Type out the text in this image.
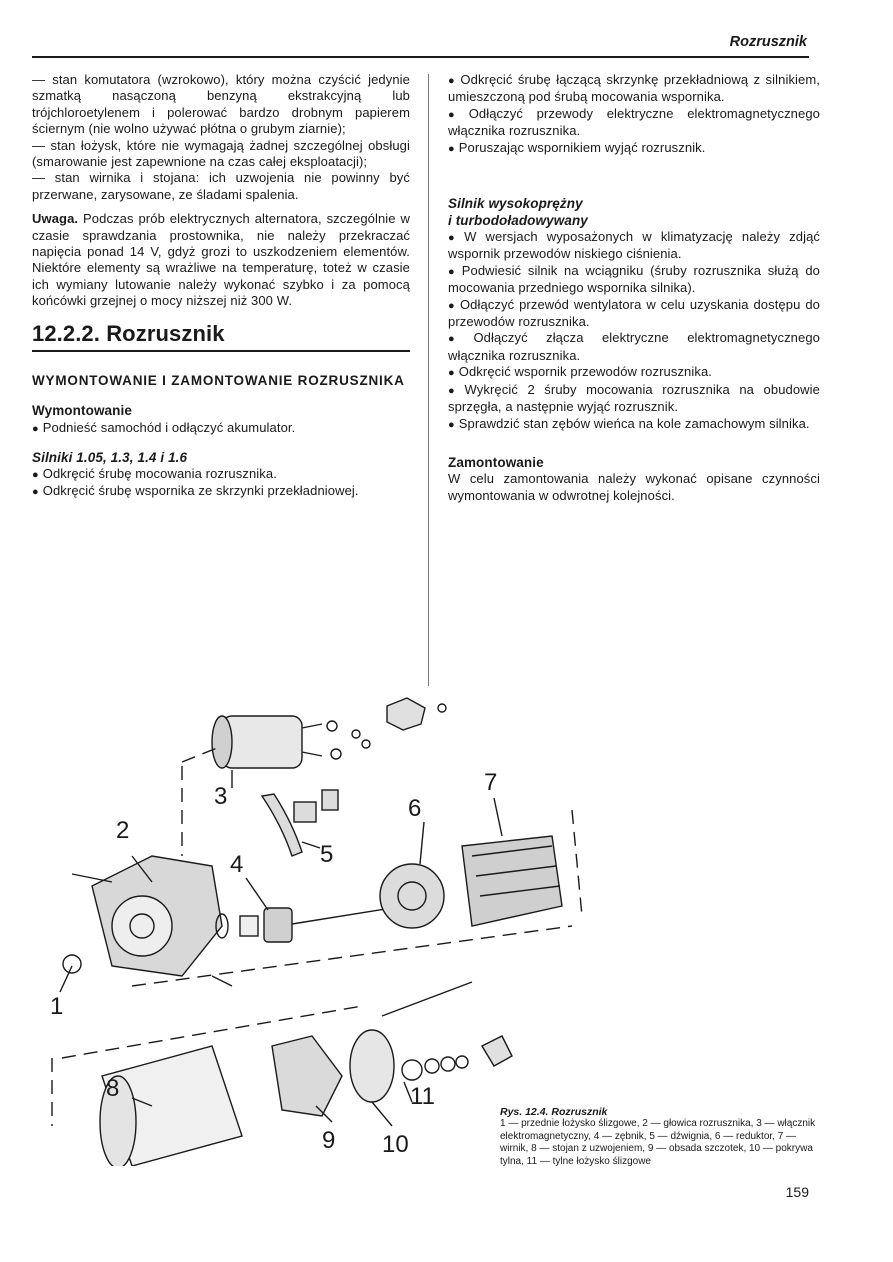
Rozrusznik

— stan komutatora (wzrokowo), który można czyścić jedynie szmatką nasączoną benzyną ekstrakcyjną lub trójchloroetylenem i polerować bardzo drobnym papierem ściernym (nie wolno używać płótna o grubym ziarnie);

— stan łożysk, które nie wymagają żadnej szczególnej obsługi (smarowanie jest zapewnione na czas całej eksploatacji);

— stan wirnika i stojana: ich uzwojenia nie powinny być przerwane, zarysowane, ze śladami spalenia.

Uwaga. Podczas prób elektrycznych alternatora, szczególnie w czasie sprawdzania prostownika, nie należy przekraczać napięcia ponad 14 V, gdyż grozi to uszkodzeniem elementów. Niektóre elementy są wrażliwe na temperaturę, toteż w czasie ich wymiany lutowanie należy wykonać szybko i za pomocą końcówki grzejnej o mocy niższej niż 300 W.

12.2.2. Rozrusznik
WYMONTOWANIE I ZAMONTOWANIE ROZRUSZNIKA
Wymontowanie

● Podnieść samochód i odłączyć akumulator.

Silniki 1.05, 1.3, 1.4 i 1.6

● Odkręcić śrubę mocowania rozrusznika.

● Odkręcić śrubę wspornika ze skrzynki przekładniowej.

● Odkręcić śrubę łączącą skrzynkę przekładniową z silnikiem, umieszczoną pod śrubą mocowania wspornika.

● Odłączyć przewody elektryczne elektromagnetycznego włącznika rozrusznika.

● Poruszając wspornikiem wyjąć rozrusznik.

Silnik wysokoprężny
i turbodoładowywany

● W wersjach wyposażonych w klimatyzację należy zdjąć wspornik przewodów niskiego ciśnienia.

● Podwiesić silnik na wciągniku (śruby rozrusznika służą do mocowania przedniego wspornika silnika).

● Odłączyć przewód wentylatora w celu uzyskania dostępu do przewodów rozrusznika.

● Odłączyć złącza elektryczne elektromagnetycznego włącznika rozrusznika.

● Odkręcić wspornik przewodów rozrusznika.

● Wykręcić 2 śruby mocowania rozrusznika na obudowie sprzęgła, a następnie wyjąć rozrusznik.

● Sprawdzić stan zębów wieńca na kole zamachowym silnika.

Zamontowanie

W celu zamontowania należy wykonać opisane czynności wymontowania w odwrotnej kolejności.

1
2
3
4	5
6
7
8
9 10
11
Rys. 12.4. Rozrusznik
1 — przednie łożysko ślizgowe, 2 — głowica rozrusznika, 3 — włącznik elektromagnetyczny, 4 — zębnik, 5 — dźwignia, 6 — reduktor, 7 — wirnik, 8 — stojan z uzwojeniem, 9 — obsada szczotek, 10 — pokrywa tylna, 11 — tylne łożysko ślizgowe
159
